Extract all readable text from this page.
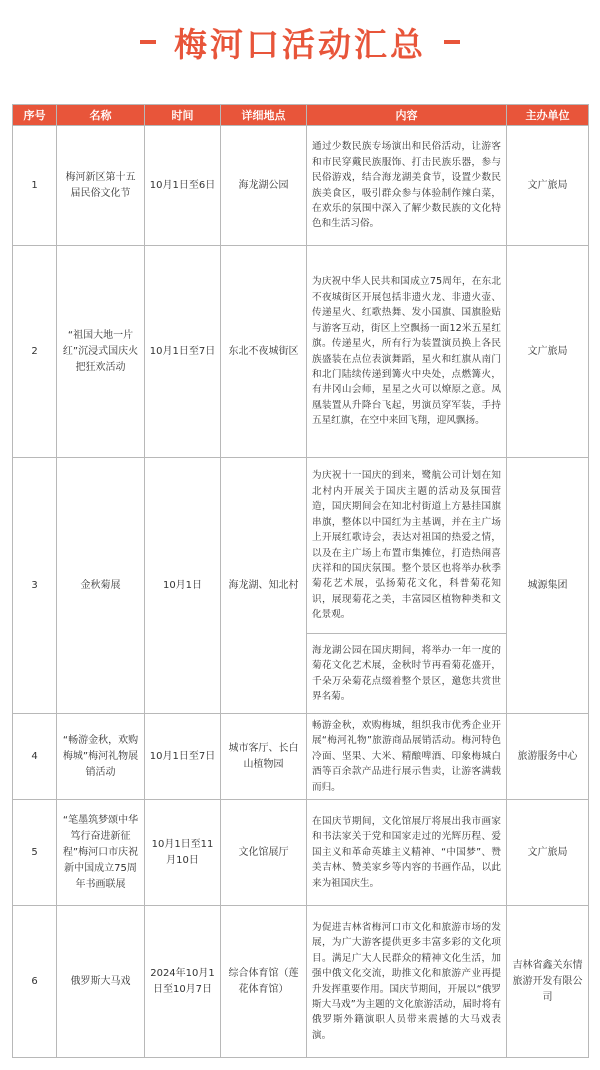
梅河口活动汇总
序号	名称	时间	详细地点	内容	主办单位
1	梅河新区第十五届民俗文化节	10月1日至6日	海龙湖公园	通过少数民族专场演出和民俗活动，让游客和市民穿戴民族服饰、打击民族乐器，参与民俗游戏，结合海龙湖美食节，设置少数民族美食区，吸引群众参与体验制作辣白菜，在欢乐的氛围中深入了解少数民族的文化特色和生活习俗。	文广旅局
2	“祖国大地一片红”沉浸式国庆火把狂欢活动	10月1日至7日	东北不夜城街区	为庆祝中华人民共和国成立75周年，在东北不夜城街区开展包括非遗火龙、非遗火壶、传递星火、红歌热舞、发小国旗、国旗脸贴与游客互动，街区上空飘扬一面12米五星红旗。传递星火，所有行为装置演员换上各民族盛装在点位表演舞蹈，星火和红旗从南门和北门陆续传递到篝火中央处，点燃篝火，有井冈山会师，星星之火可以燎原之意。凤凰装置从升降台飞起，男演员穿军装，手持五星红旗，在空中来回飞翔，迎风飘扬。	文广旅局
3	金秋菊展	10月1日	海龙湖、知北村	为庆祝十一国庆的到来，鹭航公司计划在知北村内开展关于国庆主题的活动及氛围营造，国庆期间会在知北村街道上方悬挂国旗串旗，整体以中国红为主基调，并在主广场上开展红歌诗会，表达对祖国的热爱之情，以及在主广场上布置市集摊位，打造热闹喜庆祥和的国庆氛围。整个景区也将举办秋季菊花艺术展，弘扬菊花文化，科普菊花知识，展现菊花之美，丰富园区植物种类和文化景观。	城源集团
				海龙湖公园在国庆期间，将举办一年一度的菊花文化艺术展，金秋时节再看菊花盛开，千朵万朵菊花点缀着整个景区，邀您共赏世界名菊。	
4	“畅游金秋，欢购梅城”梅河礼物展销活动	10月1日至7日	城市客厅、长白山植物园	畅游金秋，欢购梅城，组织我市优秀企业开展“梅河礼物”旅游商品展销活动。梅河特色冷面、坚果、大米、精酿啤酒、印象梅城白酒等百余款产品进行展示售卖，让游客满载而归。	旅游服务中心
5	“笔墨筑梦颂中华 笃行奋进新征程”梅河口市庆祝新中国成立75周年书画联展	10月1日至11月10日	文化馆展厅	在国庆节期间，文化馆展厅将展出我市画家和书法家关于党和国家走过的光辉历程、爱国主义和革命英雄主义精神、“中国梦”、赞美吉林、赞美家乡等内容的书画作品，以此来为祖国庆生。	文广旅局
6	俄罗斯大马戏	2024年10月1日至10月7日	综合体育馆（莲花体育馆）	为促进吉林省梅河口市文化和旅游市场的发展，为广大游客提供更多丰富多彩的文化项目。满足广大人民群众的精神文化生活，加强中俄文化交流，助推文化和旅游产业再提升发挥重要作用。国庆节期间，开展以“俄罗斯大马戏”为主题的文化旅游活动，届时将有俄罗斯外籍演职人员带来震撼的大马戏表演。	吉林省鑫关东情旅游开发有限公司
